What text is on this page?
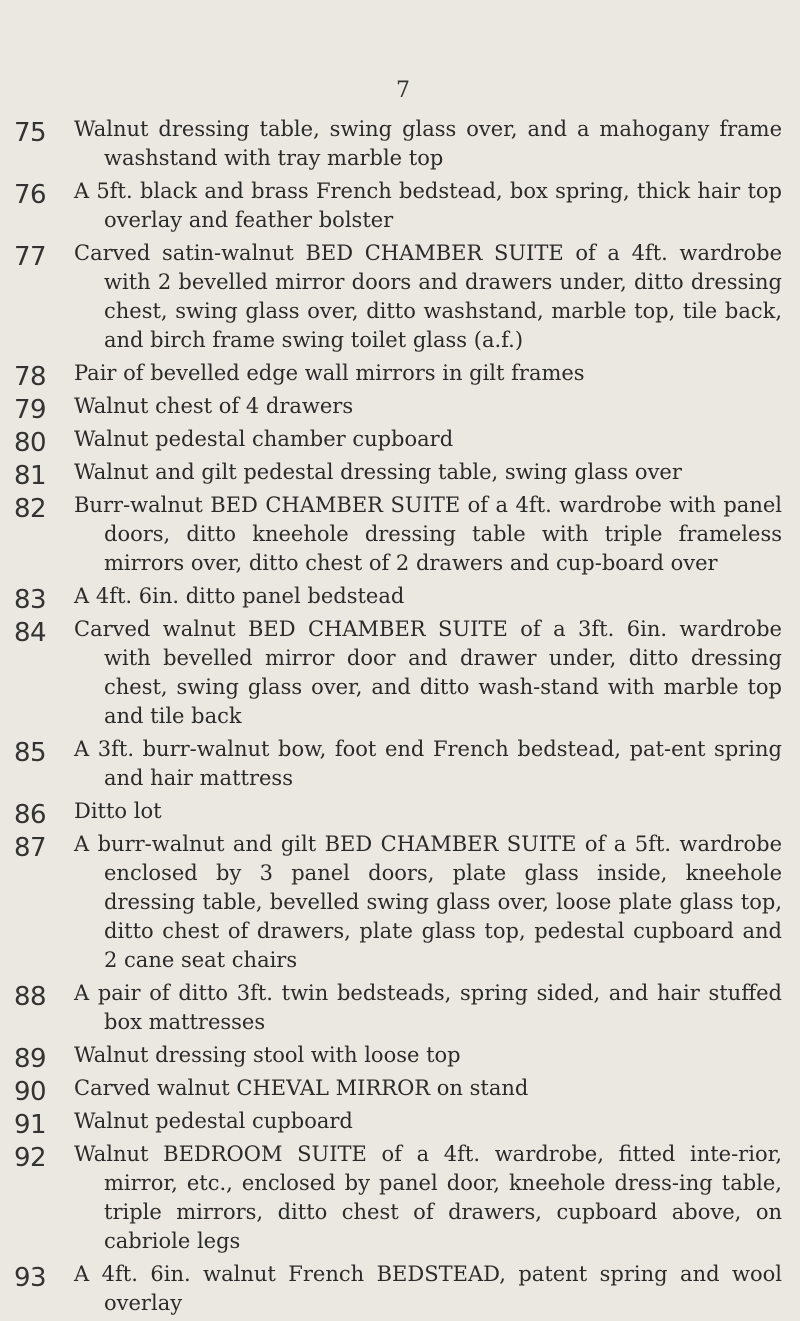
7
75	Walnut dressing table, swing glass over, and a mahogany frame washstand with tray marble top
76	A 5ft. black and brass French bedstead, box spring, thick hair top overlay and feather bolster
77	Carved satin-walnut BED CHAMBER SUITE of a 4ft. wardrobe with 2 bevelled mirror doors and drawers under, ditto dressing chest, swing glass over, ditto washstand, marble top, tile back, and birch frame swing toilet glass (a.f.)
78	Pair of bevelled edge wall mirrors in gilt frames
79	Walnut chest of 4 drawers
80	Walnut pedestal chamber cupboard
81	Walnut and gilt pedestal dressing table, swing glass over
82	Burr-walnut BED CHAMBER SUITE of a 4ft. wardrobe with panel doors, ditto kneehole dressing table with triple frameless mirrors over, ditto chest of 2 drawers and cup-board over
83	A 4ft. 6in. ditto panel bedstead
84	Carved walnut BED CHAMBER SUITE of a 3ft. 6in. wardrobe with bevelled mirror door and drawer under, ditto dressing chest, swing glass over, and ditto wash-stand with marble top and tile back
85	A 3ft. burr-walnut bow, foot end French bedstead, pat-ent spring and hair mattress
86	Ditto lot
87	A burr-walnut and gilt BED CHAMBER SUITE of a 5ft. wardrobe enclosed by 3 panel doors, plate glass inside, kneehole dressing table, bevelled swing glass over, loose plate glass top, ditto chest of drawers, plate glass top, pedestal cupboard and 2 cane seat chairs
88	A pair of ditto 3ft. twin bedsteads, spring sided, and hair stuffed box mattresses
89	Walnut dressing stool with loose top
90	Carved walnut CHEVAL MIRROR on stand
91	Walnut pedestal cupboard
92	Walnut BEDROOM SUITE of a 4ft. wardrobe, fitted inte-rior, mirror, etc., enclosed by panel door, kneehole dress-ing table, triple mirrors, ditto chest of drawers, cupboard above, on cabriole legs
93	A 4ft. 6in. walnut French BEDSTEAD, patent spring and wool overlay
